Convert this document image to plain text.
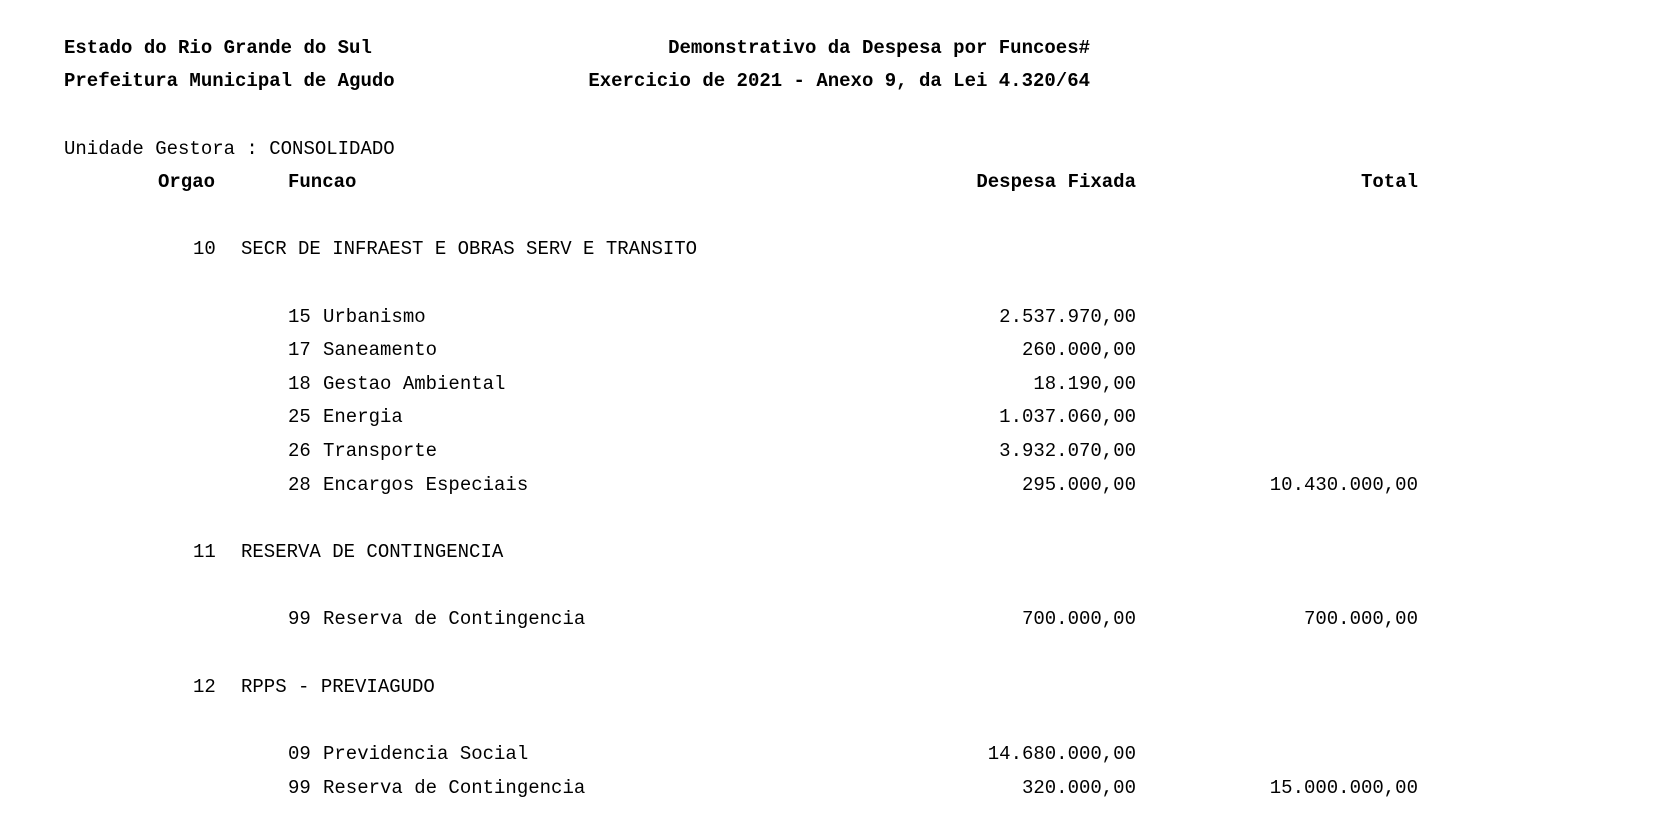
Estado do Rio Grande do Sul
Prefeitura Municipal de Agudo
Demonstrativo da Despesa por Funcoes#
Exercicio de 2021 - Anexo 9, da Lei 4.320/64
Unidade Gestora : CONSOLIDADO
Orgao	Funcao	Despesa Fixada	Total
10 SECR DE INFRAEST E OBRAS SERV E TRANSITO
15 Urbanismo	2.537.970,00
17 Saneamento	260.000,00
18 Gestao Ambiental	18.190,00
25 Energia	1.037.060,00
26 Transporte	3.932.070,00
28 Encargos Especiais	295.000,00	10.430.000,00
11 RESERVA DE CONTINGENCIA
99 Reserva de Contingencia	700.000,00	700.000,00
12 RPPS - PREVIAGUDO
09 Previdencia Social	14.680.000,00
99 Reserva de Contingencia	320.000,00	15.000.000,00
